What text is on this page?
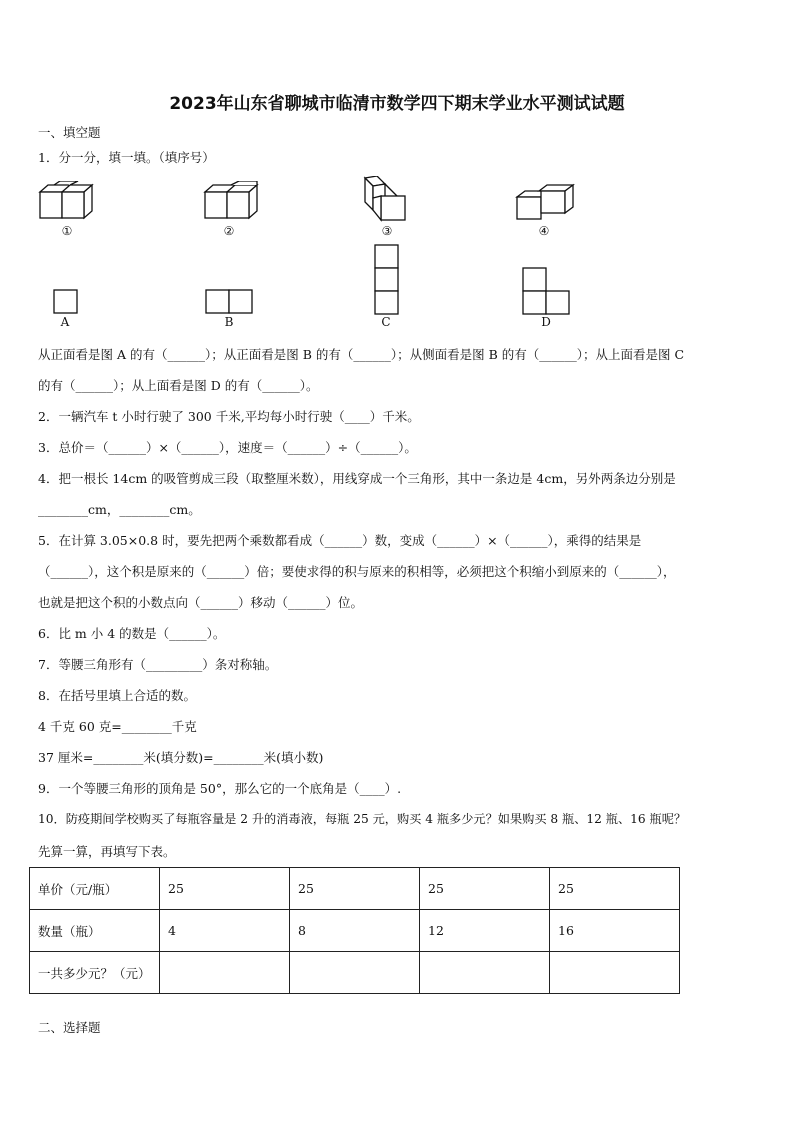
2023年山东省聊城市临清市数学四下期末学业水平测试试题
一、填空题
1．分一分，填一填。（填序号）
①	②	③	④
A	B	C	D
从正面看是图 A 的有（______）；从正面看是图 B 的有（______）；从侧面看是图 B 的有（______）；从上面看是图 C
的有（______）；从上面看是图 D 的有（______）。
2．一辆汽车 t 小时行驶了 300 千米,平均每小时行驶（____）千米。
3．总价＝（______）×（______），速度＝（______）÷（______）。
4．把一根长 14cm 的吸管剪成三段（取整厘米数），用线穿成一个三角形，其中一条边是 4cm，另外两条边分别是
________cm，________cm。
5．在计算 3.05×0.8 时，要先把两个乘数都看成（______）数，变成（______）×（______），乘得的结果是
（______），这个积是原来的（______）倍；要使求得的积与原来的积相等，必须把这个积缩小到原来的（______），
也就是把这个积的小数点向（______）移动（______）位。
6．比 m 小 4 的数是（______）。
7．等腰三角形有（_________）条对称轴。
8．在括号里填上合适的数。
4 千克 60 克=________千克
37 厘米=________米(填分数)=________米(填小数)
9．一个等腰三角形的顶角是 50°，那么它的一个底角是（____）.
10．防疫期间学校购买了每瓶容量是 2 升的消毒液，每瓶 25 元，购买 4 瓶多少元？如果购买 8 瓶、12 瓶、16 瓶呢？
先算一算，再填写下表。
单价（元/瓶）	25	25	25	25
数量（瓶）	4	8	12	16
一共多少元？（元）				
二、选择题
